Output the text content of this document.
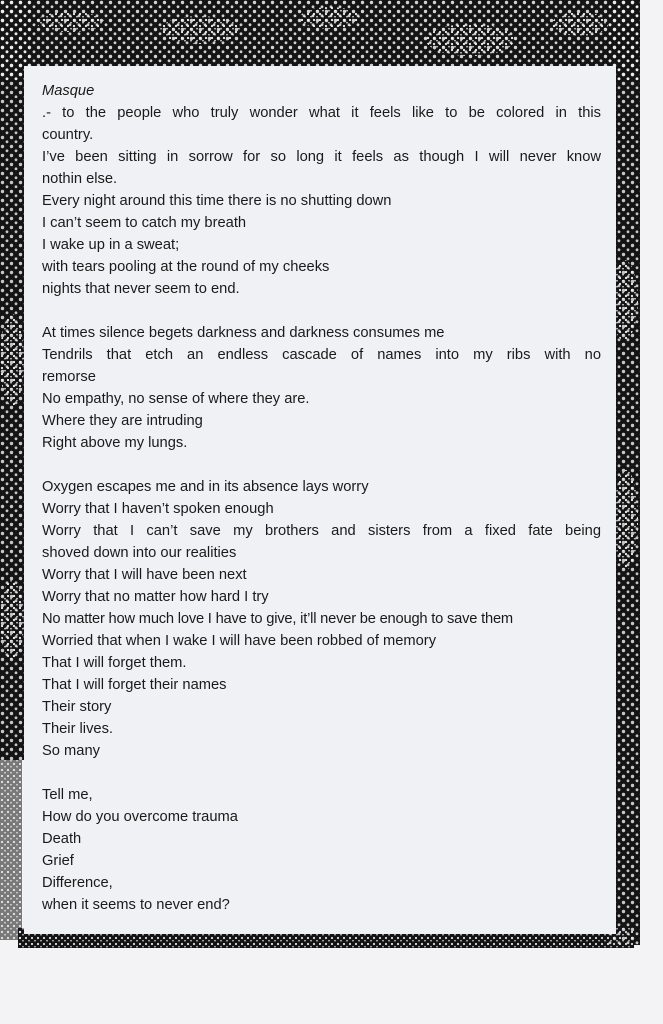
Masque
.- to the people who truly wonder what it feels like to be colored in this
country.
I’ve been sitting in sorrow for so long it feels as though I will never know
nothin else.
Every night around this time there is no shutting down
I can’t seem to catch my breath
I wake up in a sweat;
with tears pooling at the round of my cheeks
nights that never seem to end.
At times silence begets darkness and darkness consumes me
Tendrils that etch an endless cascade of names into my ribs with no
remorse
No empathy, no sense of where they are.
Where they are intruding
Right above my lungs.
Oxygen escapes me and in its absence lays worry
Worry that I haven’t spoken enough
Worry that I can’t save my brothers and sisters from a fixed fate being
shoved down into our realities
Worry that I will have been next
Worry that no matter how hard I try
No matter how much love I have to give, it’ll never be enough to save them
Worried that when I wake I will have been robbed of memory
That I will forget them.
That I will forget their names
Their story
Their lives.
So many
Tell me,
How do you overcome trauma
Death
Grief
Difference,
when it seems to never end?
